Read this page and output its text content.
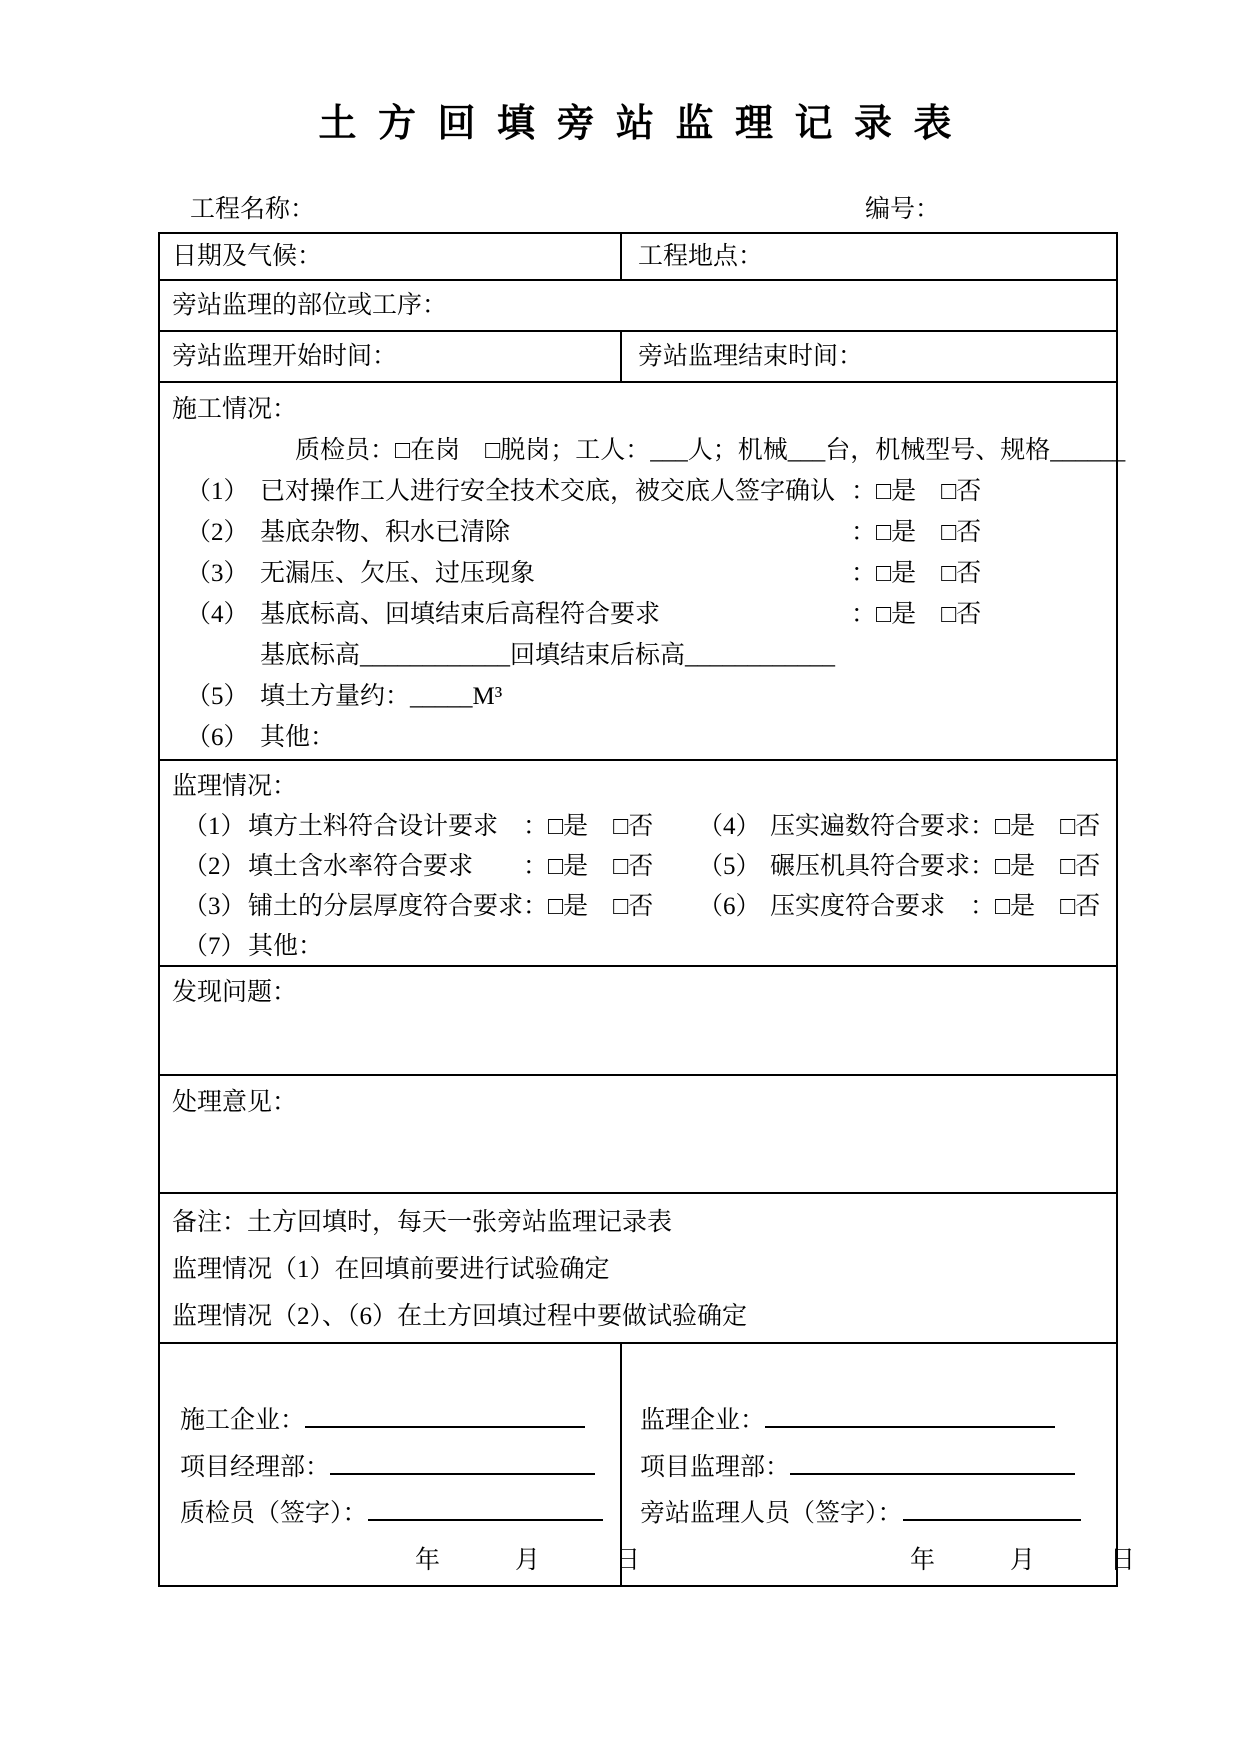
土 方 回 填 旁 站 监 理 记 录 表
工程名称：	编号：
日期及气候：	工程地点：
旁站监理的部位或工序：
旁站监理开始时间：	旁站监理结束时间：
施工情况：
质检员：□在岗　□脱岗；工人：___人；机械___台，机械型号、规格______
（1） 已对操作工人进行安全技术交底，被交底人签字确认 ：□是　□否
（2） 基底杂物、积水已清除	：□是　□否
（3） 无漏压、欠压、过压现象	：□是　□否
（4） 基底标高、回填结束后高程符合要求	：□是　□否
基底标高____________回填结束后标高____________
（5） 填土方量约：_____M³
（6） 其他：
监理情况：
（1） 填方土料符合设计要求 ：□是　□否	（4） 压实遍数符合要求：□是　□否
（2） 填土含水率符合要求	：□是　□否	（5） 碾压机具符合要求：□是　□否
（3） 铺土的分层厚度符合要求 ：□是　□否	（6） 压实度符合要求　：□是　□否
（7） 其他：
发现问题：
处理意见：
备注：土方回填时，每天一张旁站监理记录表
监理情况（1）在回填前要进行试验确定
监理情况（2）、（6）在土方回填过程中要做试验确定
施工企业：
项目经理部：
质检员（签字）：
年　　　月　　　日
监理企业：
项目监理部：
旁站监理人员（签字）：
年　　　月　　　日
